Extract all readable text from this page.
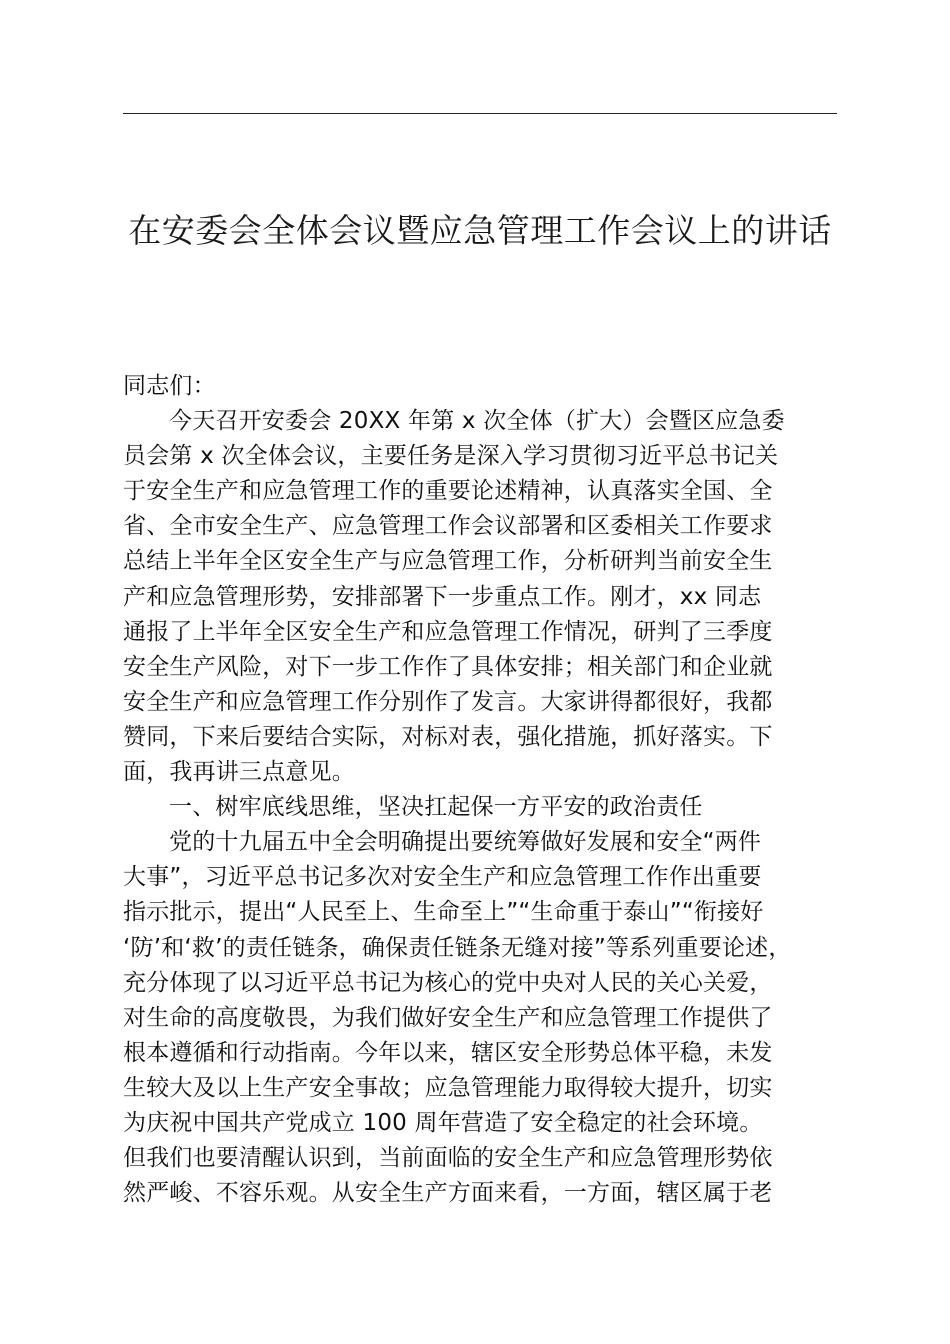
在安委会全体会议暨应急管理工作会议上的讲话

同志们：

今天召开安委会 20XX 年第 x 次全体（扩大）会暨区应急委
员会第 x 次全体会议，主要任务是深入学习贯彻习近平总书记关
于安全生产和应急管理工作的重要论述精神，认真落实全国、全
省、全市安全生产、应急管理工作会议部署和区委相关工作要求
总结上半年全区安全生产与应急管理工作，分析研判当前安全生
产和应急管理形势，安排部署下一步重点工作。刚才，xx 同志
通报了上半年全区安全生产和应急管理工作情况，研判了三季度
安全生产风险，对下一步工作作了具体安排；相关部门和企业就
安全生产和应急管理工作分别作了发言。大家讲得都很好，我都
赞同，下来后要结合实际，对标对表，强化措施，抓好落实。下
面，我再讲三点意见。

一、树牢底线思维，坚决扛起保一方平安的政治责任

党的十九届五中全会明确提出要统筹做好发展和安全“两件
大事”，习近平总书记多次对安全生产和应急管理工作作出重要
指示批示，提出“人民至上、生命至上”“生命重于泰山”“衔接好
‘防’和‘救’的责任链条，确保责任链条无缝对接”等系列重要论述，
充分体现了以习近平总书记为核心的党中央对人民的关心关爱，
对生命的高度敬畏，为我们做好安全生产和应急管理工作提供了
根本遵循和行动指南。今年以来，辖区安全形势总体平稳，未发
生较大及以上生产安全事故；应急管理能力取得较大提升，切实
为庆祝中国共产党成立 100 周年营造了安全稳定的社会环境。
但我们也要清醒认识到，当前面临的安全生产和应急管理形势依
然严峻、不容乐观。从安全生产方面来看，一方面，辖区属于老
